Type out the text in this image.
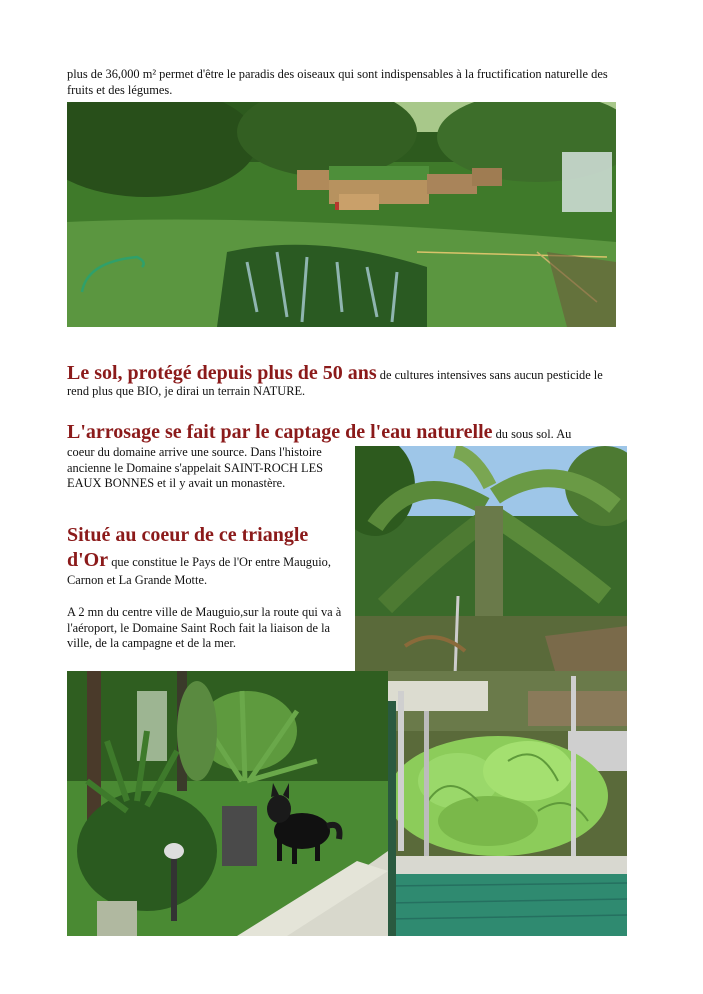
plus de 36,000 m² permet d'être le paradis des oiseaux qui sont indispensables à la fructification naturelle des fruits et des légumes.

Le sol, protégé depuis plus de 50 ans de cultures intensives sans aucun pesticide le rend plus que BIO, je dirai un terrain NATURE.

L'arrosage se fait par le captage de l'eau naturelle du sous sol. Au

coeur du domaine arrive une source. Dans l'histoire ancienne le Domaine s'appelait SAINT-ROCH LES EAUX BONNES et il y avait un monastère.

Situé au coeur de ce triangle d'Or que constitue le Pays de l'Or entre Mauguio, Carnon et La Grande Motte.

A 2 mn du centre ville de Mauguio,sur la route qui va à l'aéroport, le Domaine Saint Roch fait la liaison de la ville, de la campagne et de la mer.
